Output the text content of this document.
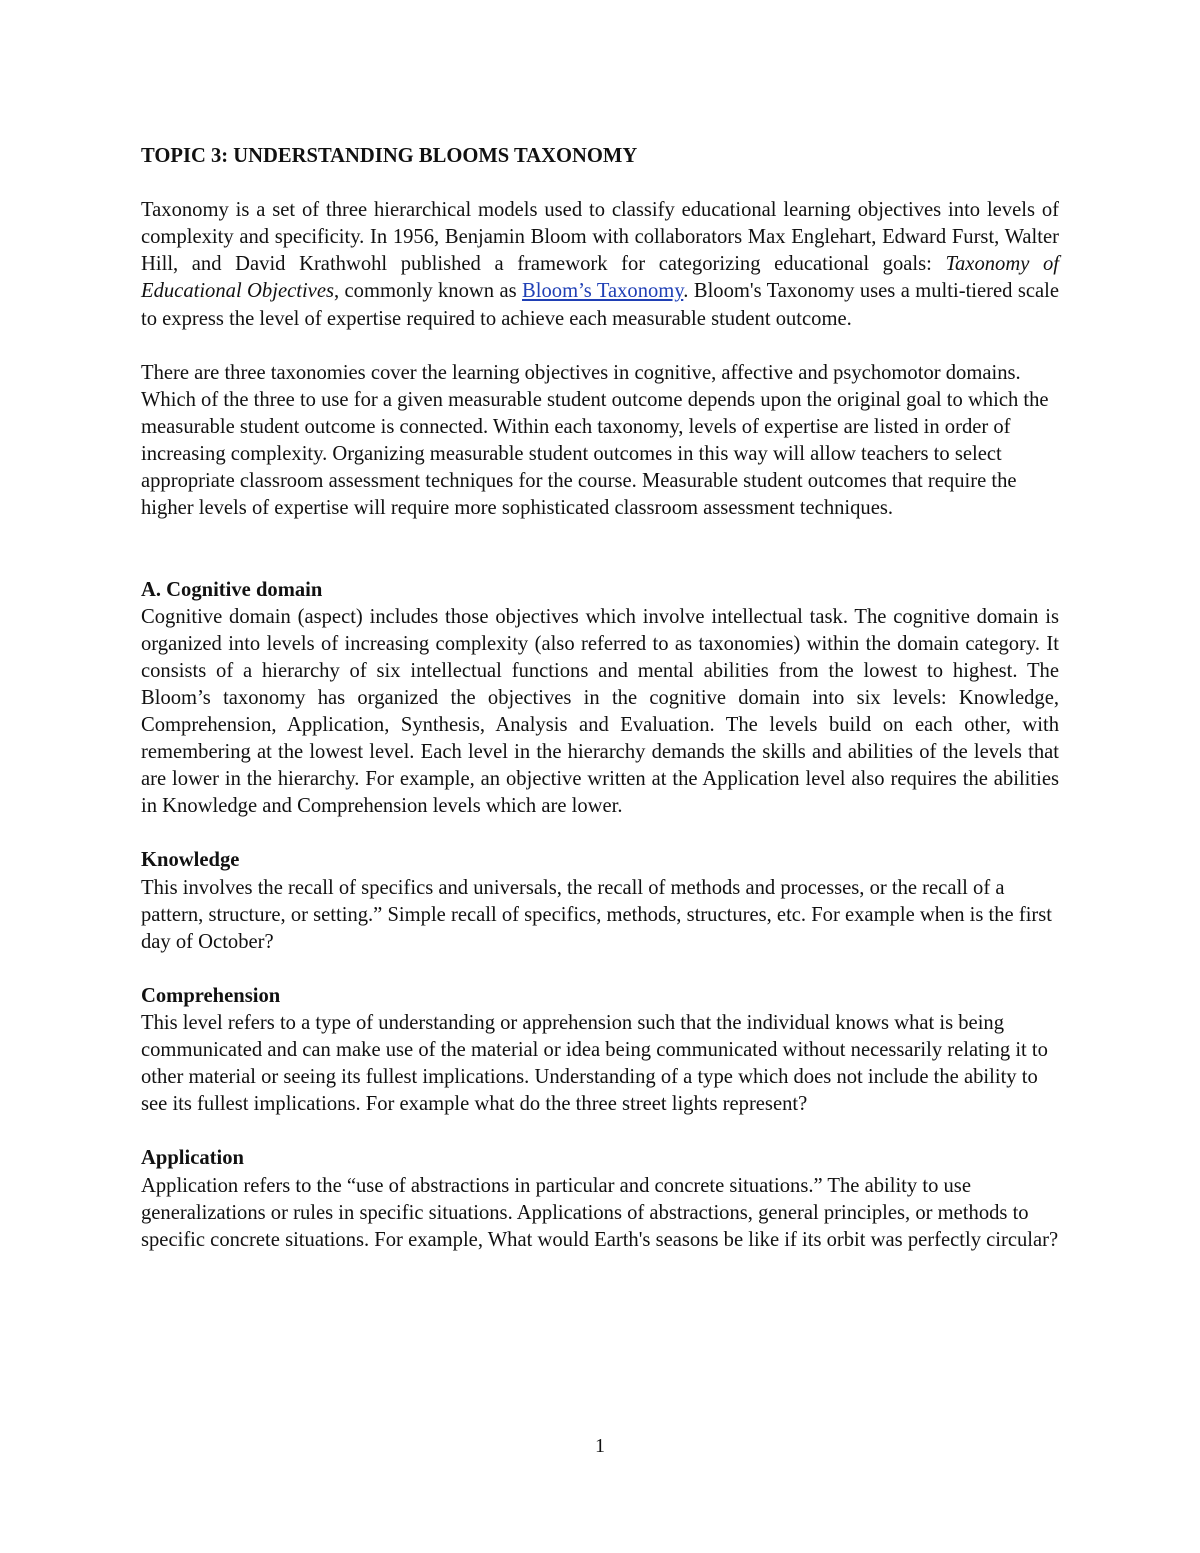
TOPIC 3: UNDERSTANDING BLOOMS TAXONOMY

Taxonomy is a set of three hierarchical models used to classify educational learning objectives into levels of complexity and specificity. In 1956, Benjamin Bloom with collaborators Max Englehart, Edward Furst, Walter Hill, and David Krathwohl published a framework for categorizing educational goals: Taxonomy of Educational Objectives, commonly known as Bloom’s Taxonomy. Bloom's Taxonomy uses a multi-tiered scale to express the level of expertise required to achieve each measurable student outcome.

There are three taxonomies cover the learning objectives in cognitive, affective and psychomotor domains. Which of the three to use for a given measurable student outcome depends upon the original goal to which the measurable student outcome is connected. Within each taxonomy, levels of expertise are listed in order of increasing complexity. Organizing measurable student outcomes in this way will allow teachers to select appropriate classroom assessment techniques for the course. Measurable student outcomes that require the higher levels of expertise will require more sophisticated classroom assessment techniques.

A. Cognitive domain

Cognitive domain (aspect) includes those objectives which involve intellectual task. The cognitive domain is organized into levels of increasing complexity (also referred to as taxonomies) within the domain category. It consists of a hierarchy of six intellectual functions and mental abilities from the lowest to highest. The Bloom’s taxonomy has organized the objectives in the cognitive domain into six levels: Knowledge, Comprehension, Application, Synthesis, Analysis and Evaluation. The levels build on each other, with remembering at the lowest level. Each level in the hierarchy demands the skills and abilities of the levels that are lower in the hierarchy. For example, an objective written at the Application level also requires the abilities in Knowledge and Comprehension levels which are lower.

Knowledge

This involves the recall of specifics and universals, the recall of methods and processes, or the recall of a pattern, structure, or setting.” Simple recall of specifics, methods, structures, etc. For example when is the first day of October?

Comprehension

This level refers to a type of understanding or apprehension such that the individual knows what is being communicated and can make use of the material or idea being communicated without necessarily relating it to other material or seeing its fullest implications. Understanding of a type which does not include the ability to see its fullest implications. For example what do the three street lights represent?

Application

Application refers to the “use of abstractions in particular and concrete situations.” The ability to use generalizations or rules in specific situations. Applications of abstractions, general principles, or methods to specific concrete situations. For example, What would Earth's seasons be like if its orbit was perfectly circular?

1
